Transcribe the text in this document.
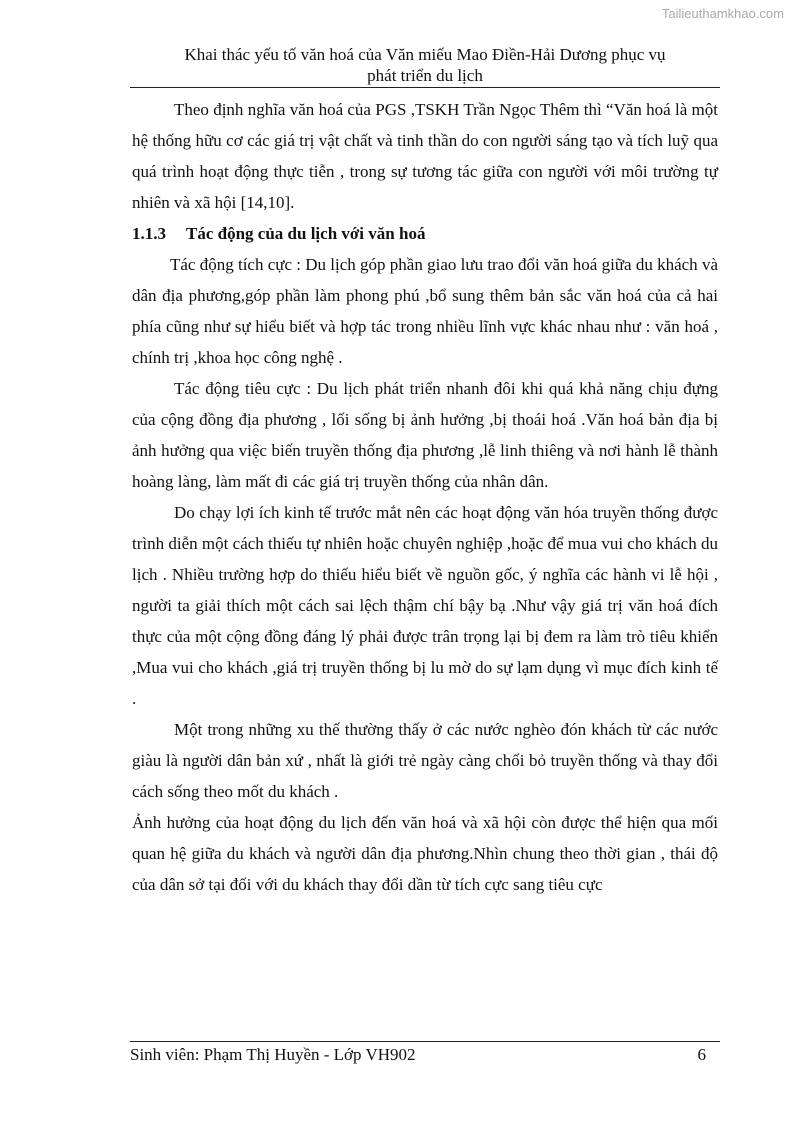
Tailieuthamkhao.com
Khai thác yếu tố văn hoá của Văn miếu Mao Điền-Hải Dương phục vụ
phát triển du lịch

Theo định nghĩa văn hoá của PGS ,TSKH Trần Ngọc Thêm thì “Văn hoá là một hệ thống hữu cơ các giá trị vật chất và tinh thần do con người sáng tạo và tích luỹ qua quá trình hoạt động thực tiễn , trong sự tương tác giữa con người với môi trường tự nhiên và xã hội [14,10].

1.1.3 Tác động của du lịch với văn hoá

Tác động tích cực : Du lịch góp phần giao lưu trao đổi văn hoá giữa du khách và dân địa phương,góp phần làm phong phú ,bổ sung thêm bản sắc văn hoá của cả hai phía cũng như sự hiểu biết và hợp tác trong nhiều lĩnh vực khác nhau như : văn hoá , chính trị ,khoa học công nghệ .

Tác động tiêu cực : Du lịch phát triển nhanh đôi khi quá khả năng chịu đựng của cộng đồng địa phương , lối sống bị ảnh hưởng ,bị thoái hoá .Văn hoá bản địa bị ảnh hưởng qua việc biến truyền thống địa phương ,lễ linh thiêng và nơi hành lễ thành hoàng làng, làm mất đi các giá trị truyền thống của nhân dân.

Do chạy lợi ích kinh tế trước mắt nên các hoạt động văn hóa truyền thống được trình diễn một cách thiếu tự nhiên hoặc chuyên nghiệp ,hoặc để mua vui cho khách du lịch . Nhiều trường hợp do thiếu hiểu biết về nguồn gốc, ý nghĩa các hành vi lễ hội , người ta giải thích một cách sai lệch thậm chí bậy bạ .Như vậy giá trị văn hoá đích thực của một cộng đồng đáng lý phải được trân trọng lại bị đem ra làm trò tiêu khiển ,Mua vui cho khách ,giá trị truyền thống bị lu mờ do sự lạm dụng vì mục đích kinh tế .

Một trong những xu thế thường thấy ở các nước nghèo đón khách từ các nước giàu là người dân bản xứ , nhất là giới trẻ ngày càng chối bỏ truyền thống và thay đổi cách sống theo mốt du khách .

Ảnh hưởng của hoạt động du lịch đến văn hoá và xã hội còn được thể hiện qua mối quan hệ giữa du khách và người dân địa phương.Nhìn chung theo thời gian , thái độ của dân sở tại đối với du khách thay đổi dần từ tích cực sang tiêu cực

Sinh viên: Phạm Thị Huyền - Lớp VH902	6
